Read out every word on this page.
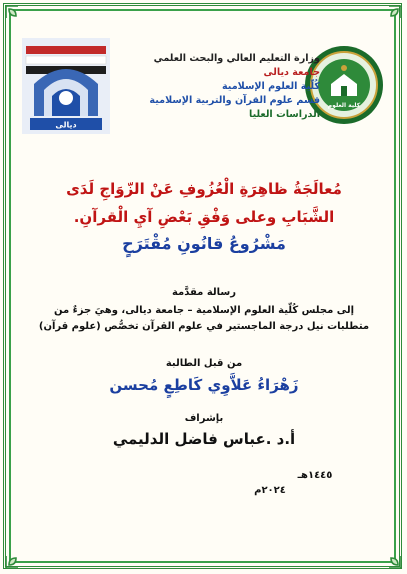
ديالى
كلية العلوم
وزارة التعليم العالي والبحث العلمي
جامعة ديالى
كُلّية العلوم الإسلامية
قسم علوم القرآن والتربية الإسلامية
الدراسات العليا
مُعالَجَةُ ظاهِرَةِ الْعُزُوفِ عَنْ الزّوَاجِ لَدَى
الشَّبَابِ وعلى وَفْقِ بَعْضِ آيِ الْقرآنِ.
مَشْرُوعُ قانُونِ مُقْتَرَحٍ
رسالة مقدَّمة
إلى مجلس كُلّية العلوم الإسلامية – جامعة ديالى، وهيَ جزءٌ من
متطلبات نيل درجة الماجستير في علوم القرآن تخصُّص (علوم قرآن)
من قبل الطالبة
زَهْرَاءُ عَلاَّوِي كَاطِعٍ مُحسن
بإشراف
أ.د .عباس فاضل الدليمي
١٤٤٥هـ
٢٠٢٤م
